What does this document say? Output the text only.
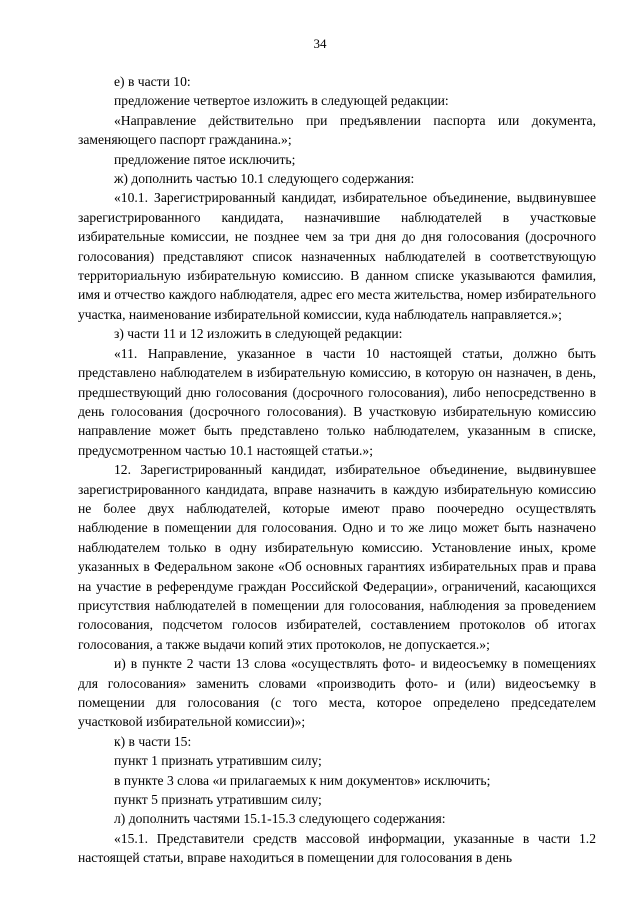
34

е) в части 10:

предложение четвертое изложить в следующей редакции:

«Направление действительно при предъявлении паспорта или документа, заменяющего паспорт гражданина.»;

предложение пятое исключить;

ж) дополнить частью 10.1 следующего содержания:

«10.1. Зарегистрированный кандидат, избирательное объединение, выдвинувшее зарегистрированного кандидата, назначившие наблюдателей в участковые избирательные комиссии, не позднее чем за три дня до дня голосования (досрочного голосования) представляют список назначенных наблюдателей в соответствующую территориальную избирательную комиссию. В данном списке указываются фамилия, имя и отчество каждого наблюдателя, адрес его места жительства, номер избирательного участка, наименование избирательной комиссии, куда наблюдатель направляется.»;

з) части 11 и 12 изложить в следующей редакции:

«11. Направление, указанное в части 10 настоящей статьи, должно быть представлено наблюдателем в избирательную комиссию, в которую он назначен, в день, предшествующий дню голосования (досрочного голосования), либо непосредственно в день голосования (досрочного голосования). В участковую избирательную комиссию направление может быть представлено только наблюдателем, указанным в списке, предусмотренном частью 10.1 настоящей статьи.»;

12. Зарегистрированный кандидат, избирательное объединение, выдвинувшее зарегистрированного кандидата, вправе назначить в каждую избирательную комиссию не более двух наблюдателей, которые имеют право поочередно осуществлять наблюдение в помещении для голосования. Одно и то же лицо может быть назначено наблюдателем только в одну избирательную комиссию. Установление иных, кроме указанных в Федеральном законе «Об основных гарантиях избирательных прав и права на участие в референдуме граждан Российской Федерации», ограничений, касающихся присутствия наблюдателей в помещении для голосования, наблюдения за проведением голосования, подсчетом голосов избирателей, составлением протоколов об итогах голосования, а также выдачи копий этих протоколов, не допускается.»;

и) в пункте 2 части 13 слова «осуществлять фото- и видеосъемку в помещениях для голосования» заменить словами «производить фото- и (или) видеосъемку в помещении для голосования (с того места, которое определено председателем участковой избирательной комиссии)»;

к) в части 15:

пункт 1 признать утратившим силу;

в пункте 3 слова «и прилагаемых к ним документов» исключить;

пункт 5 признать утратившим силу;

л) дополнить частями 15.1-15.3 следующего содержания:

«15.1. Представители средств массовой информации, указанные в части 1.2 настоящей статьи, вправе находиться в помещении для голосования в день
